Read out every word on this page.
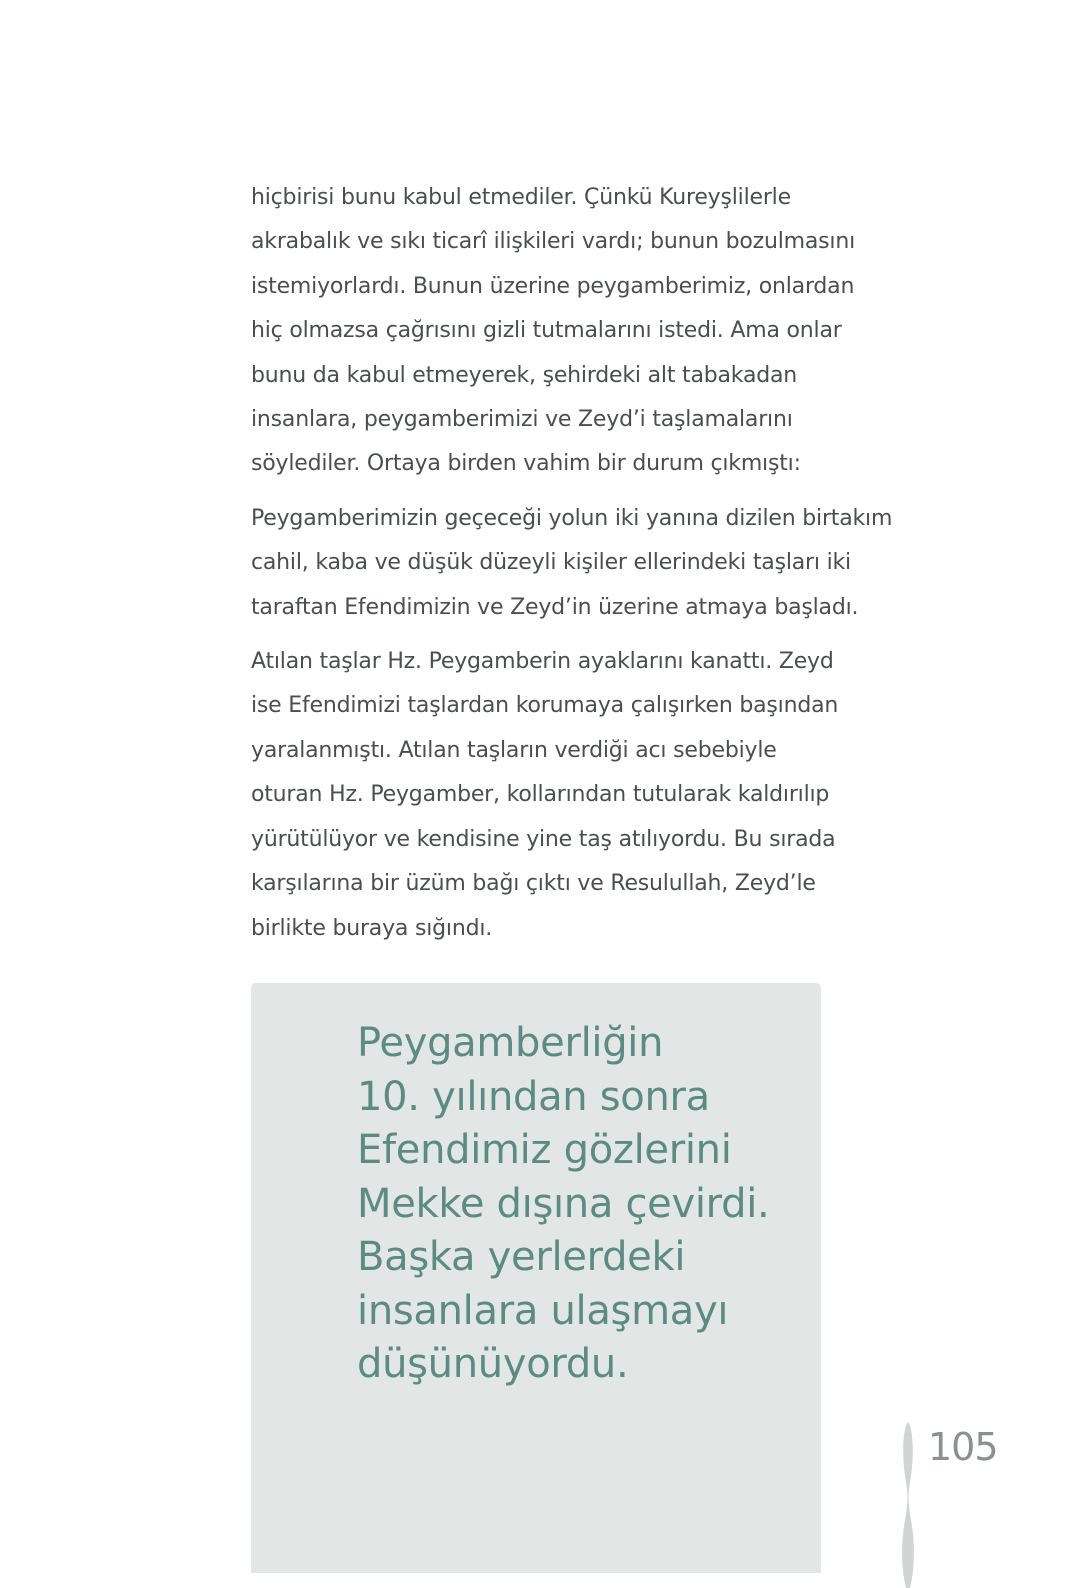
hiçbirisi bunu kabul etmediler. Çünkü Kureyşlilerle
akrabalık ve sıkı ticarî ilişkileri vardı; bunun bozulmasını
istemiyorlardı. Bunun üzerine peygamberimiz, onlardan
hiç olmazsa çağrısını gizli tutmalarını istedi. Ama onlar
bunu da kabul etmeyerek, şehirdeki alt tabakadan
insanlara, peygamberimizi ve Zeyd’i taşlamalarını
söylediler. Ortaya birden vahim bir durum çıkmıştı:

Peygamberimizin geçeceği yolun iki yanına dizilen birtakım
cahil, kaba ve düşük düzeyli kişiler ellerindeki taşları iki
taraftan Efendimizin ve Zeyd’in üzerine atmaya başladı.

Atılan taşlar Hz. Peygamberin ayaklarını kanattı. Zeyd
ise Efendimizi taşlardan korumaya çalışırken başından
yaralanmıştı. Atılan taşların verdiği acı sebebiyle
oturan Hz. Peygamber, kollarından tutularak kaldırılıp
yürütülüyor ve kendisine yine taş atılıyordu. Bu sırada
karşılarına bir üzüm bağı çıktı ve Resulullah, Zeyd’le
birlikte buraya sığındı.

Peygamberliğin
10. yılından sonra
Efendimiz gözlerini
Mekke dışına çevirdi.
Başka yerlerdeki
insanlara ulaşmayı
düşünüyordu.
105
